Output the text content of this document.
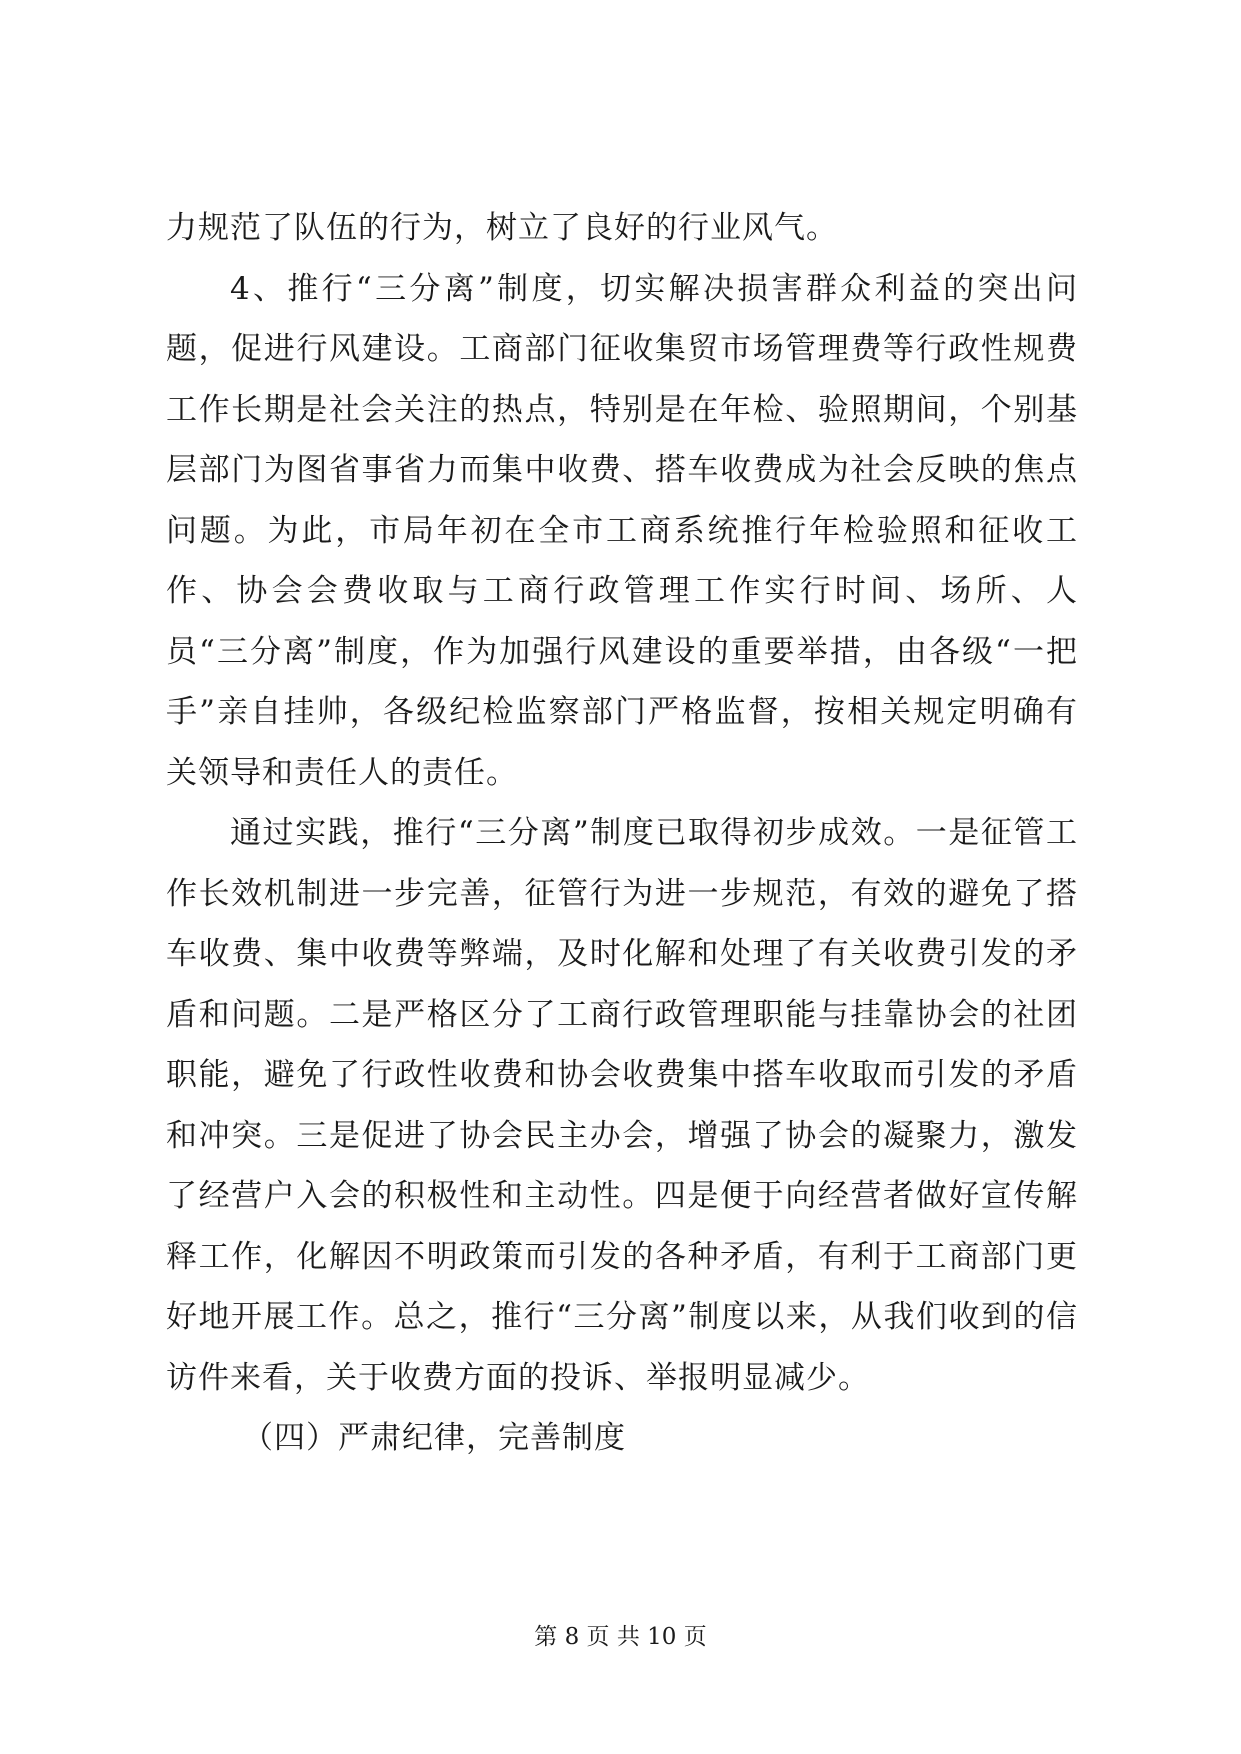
力规范了队伍的行为，树立了良好的行业风气。

4、推行“三分离”制度，切实解决损害群众利益的突出问题，促进行风建设。工商部门征收集贸市场管理费等行政性规费工作长期是社会关注的热点，特别是在年检、验照期间，个别基层部门为图省事省力而集中收费、搭车收费成为社会反映的焦点问题。为此，市局年初在全市工商系统推行年检验照和征收工作、协会会费收取与工商行政管理工作实行时间、场所、人员“三分离”制度，作为加强行风建设的重要举措，由各级“一把手”亲自挂帅，各级纪检监察部门严格监督，按相关规定明确有关领导和责任人的责任。

通过实践，推行“三分离”制度已取得初步成效。一是征管工作长效机制进一步完善，征管行为进一步规范，有效的避免了搭车收费、集中收费等弊端，及时化解和处理了有关收费引发的矛盾和问题。二是严格区分了工商行政管理职能与挂靠协会的社团职能，避免了行政性收费和协会收费集中搭车收取而引发的矛盾和冲突。三是促进了协会民主办会，增强了协会的凝聚力，激发了经营户入会的积极性和主动性。四是便于向经营者做好宣传解释工作，化解因不明政策而引发的各种矛盾，有利于工商部门更好地开展工作。总之，推行“三分离”制度以来，从我们收到的信访件来看，关于收费方面的投诉、举报明显减少。

（四）严肃纪律，完善制度

第 8 页 共 10 页
